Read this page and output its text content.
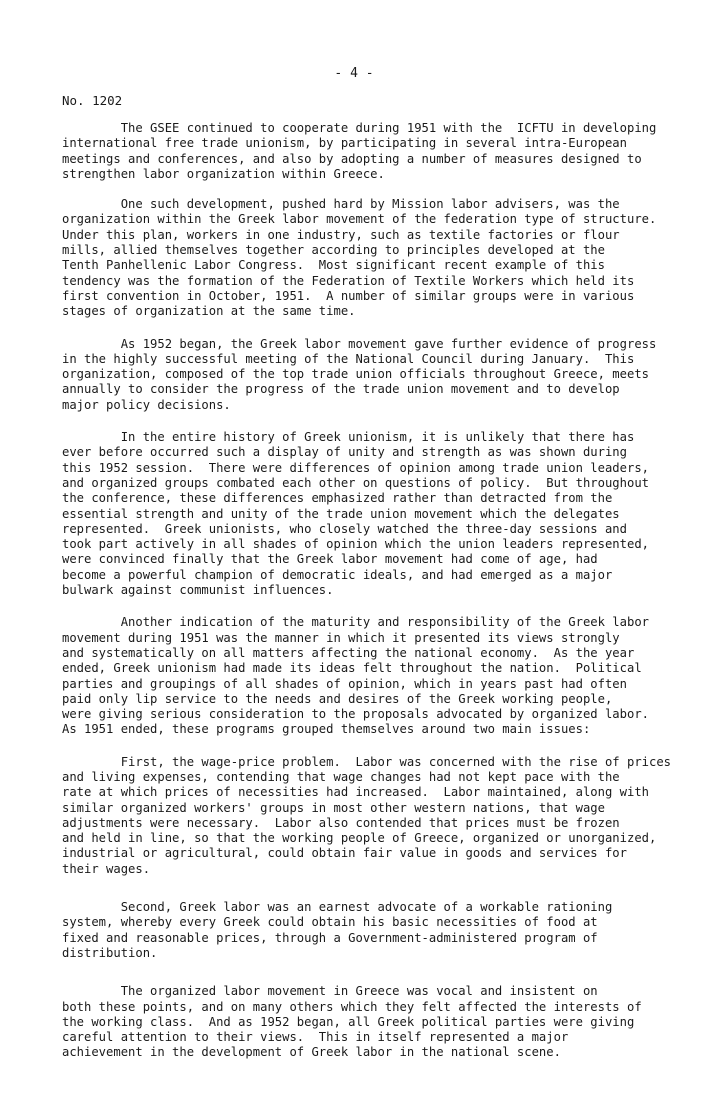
- 4 -
No. 1202

The GSEE continued to cooperate during 1951 with the  ICFTU in developing
international free trade unionism, by participating in several intra-European
meetings and conferences, and also by adopting a number of measures designed to
strengthen labor organization within Greece.

One such development, pushed hard by Mission labor advisers, was the
organization within the Greek labor movement of the federation type of structure.
Under this plan, workers in one industry, such as textile factories or flour
mills, allied themselves together according to principles developed at the
Tenth Panhellenic Labor Congress.  Most significant recent example of this
tendency was the formation of the Federation of Textile Workers which held its
first convention in October, 1951.  A number of similar groups were in various
stages of organization at the same time.

As 1952 began, the Greek labor movement gave further evidence of progress
in the highly successful meeting of the National Council during January.  This
organization, composed of the top trade union officials throughout Greece, meets
annually to consider the progress of the trade union movement and to develop
major policy decisions.

In the entire history of Greek unionism, it is unlikely that there has
ever before occurred such a display of unity and strength as was shown during
this 1952 session.  There were differences of opinion among trade union leaders,
and organized groups combated each other on questions of policy.  But throughout
the conference, these differences emphasized rather than detracted from the
essential strength and unity of the trade union movement which the delegates
represented.  Greek unionists, who closely watched the three-day sessions and
took part actively in all shades of opinion which the union leaders represented,
were convinced finally that the Greek labor movement had come of age, had
become a powerful champion of democratic ideals, and had emerged as a major
bulwark against communist influences.

Another indication of the maturity and responsibility of the Greek labor
movement during 1951 was the manner in which it presented its views strongly
and systematically on all matters affecting the national economy.  As the year
ended, Greek unionism had made its ideas felt throughout the nation.  Political
parties and groupings of all shades of opinion, which in years past had often
paid only lip service to the needs and desires of the Greek working people,
were giving serious consideration to the proposals advocated by organized labor.
As 1951 ended, these programs grouped themselves around two main issues:

First, the wage-price problem.  Labor was concerned with the rise of prices
and living expenses, contending that wage changes had not kept pace with the
rate at which prices of necessities had increased.  Labor maintained, along with
similar organized workers' groups in most other western nations, that wage
adjustments were necessary.  Labor also contended that prices must be frozen
and held in line, so that the working people of Greece, organized or unorganized,
industrial or agricultural, could obtain fair value in goods and services for
their wages.

Second, Greek labor was an earnest advocate of a workable rationing
system, whereby every Greek could obtain his basic necessities of food at
fixed and reasonable prices, through a Government-administered program of
distribution.

The organized labor movement in Greece was vocal and insistent on
both these points, and on many others which they felt affected the interests of
the working class.  And as 1952 began, all Greek political parties were giving
careful attention to their views.  This in itself represented a major
achievement in the development of Greek labor in the national scene.
